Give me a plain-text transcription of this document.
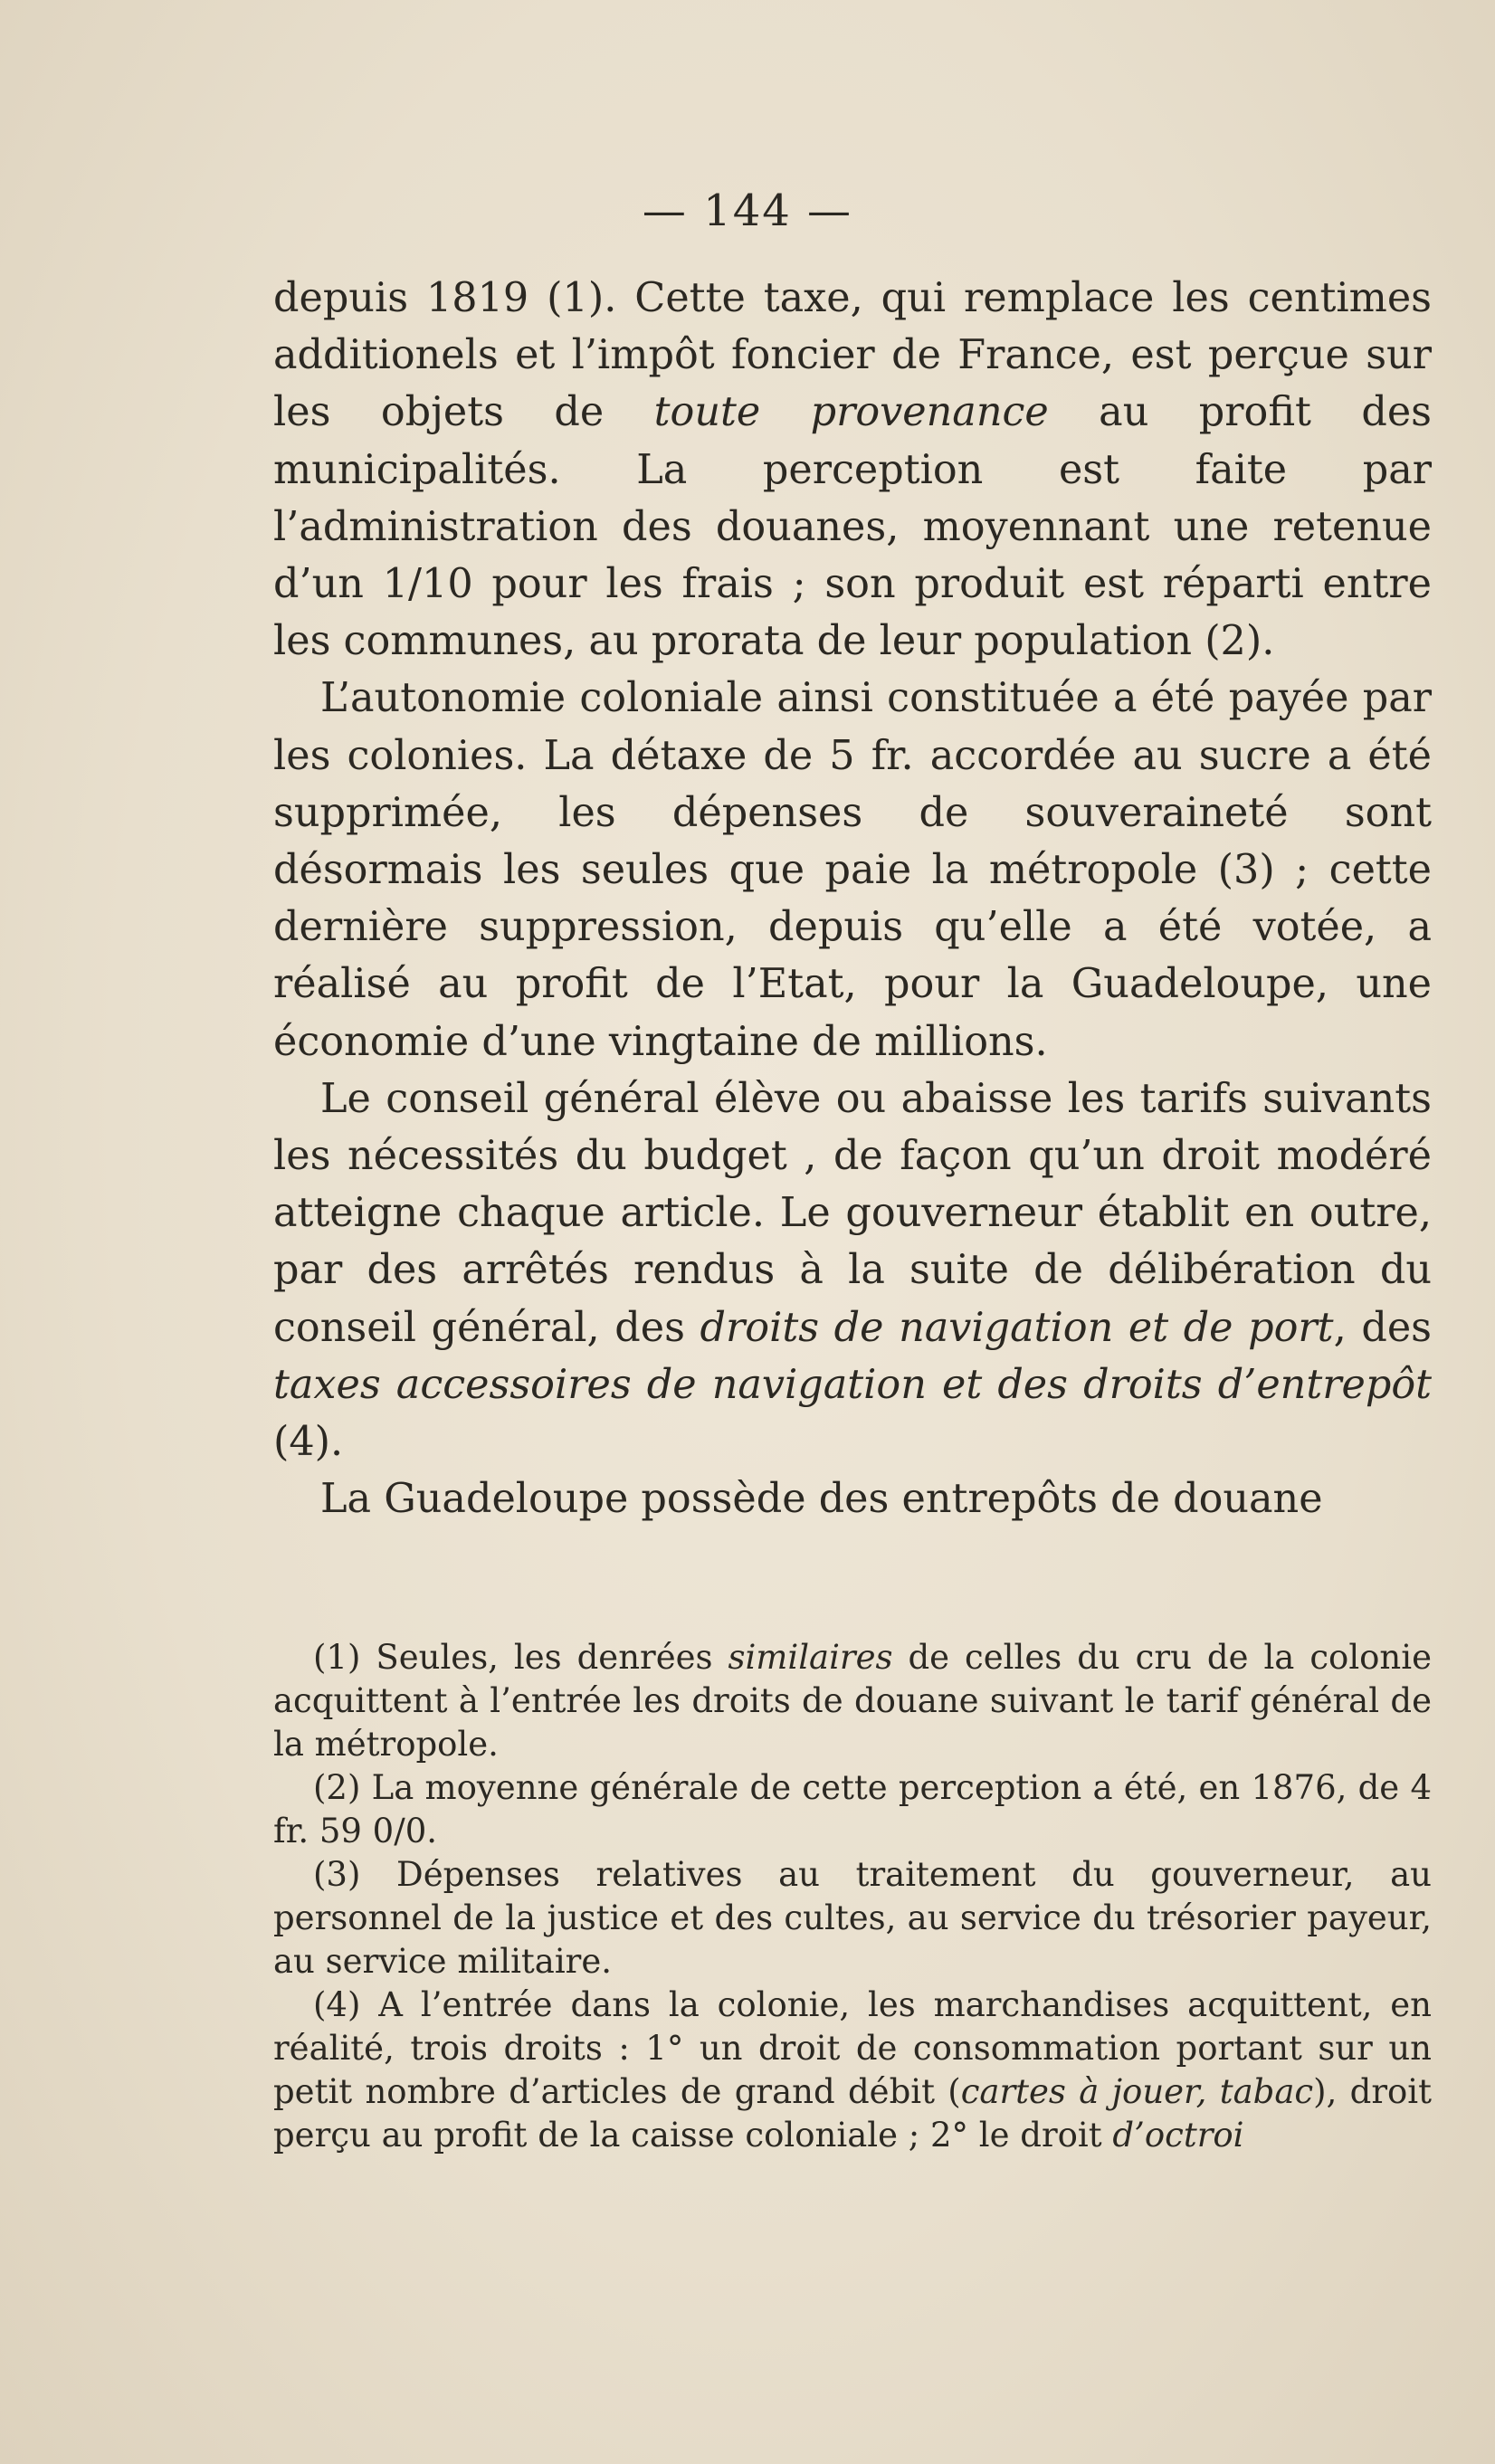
— 144 —

depuis 1819 (1). Cette taxe, qui remplace les centimes additionels et l’impôt foncier de France, est perçue sur les objets de toute provenance au profit des municipalités. La perception est faite par l’administration des douanes, moyennant une retenue d’un 1/10 pour les frais ; son produit est réparti entre les communes, au prorata de leur population (2).

L’autonomie coloniale ainsi constituée a été payée par les colonies. La détaxe de 5 fr. accordée au sucre a été supprimée, les dépenses de souveraineté sont désormais les seules que paie la métropole (3) ; cette dernière suppression, depuis qu’elle a été votée, a réalisé au profit de l’Etat, pour la Guadeloupe, une économie d’une vingtaine de millions.

Le conseil général élève ou abaisse les tarifs suivants les nécessités du budget , de façon qu’un droit modéré atteigne chaque article. Le gouverneur établit en outre, par des arrêtés rendus à la suite de délibération du conseil général, des droits de navigation et de port, des taxes accessoires de navigation et des droits d’entrepôt (4).

La Guadeloupe possède des entrepôts de douane

(1) Seules, les denrées similaires de celles du cru de la colonie acquittent à l’entrée les droits de douane suivant le tarif général de la métropole.

(2) La moyenne générale de cette perception a été, en 1876, de 4 fr. 59 0/0.

(3) Dépenses relatives au traitement du gouverneur, au personnel de la justice et des cultes, au service du trésorier payeur, au service militaire.

(4) A l’entrée dans la colonie, les marchandises acquittent, en réalité, trois droits : 1° un droit de consommation portant sur un petit nombre d’articles de grand débit (cartes à jouer, tabac), droit perçu au profit de la caisse coloniale ; 2° le droit d’octroi
